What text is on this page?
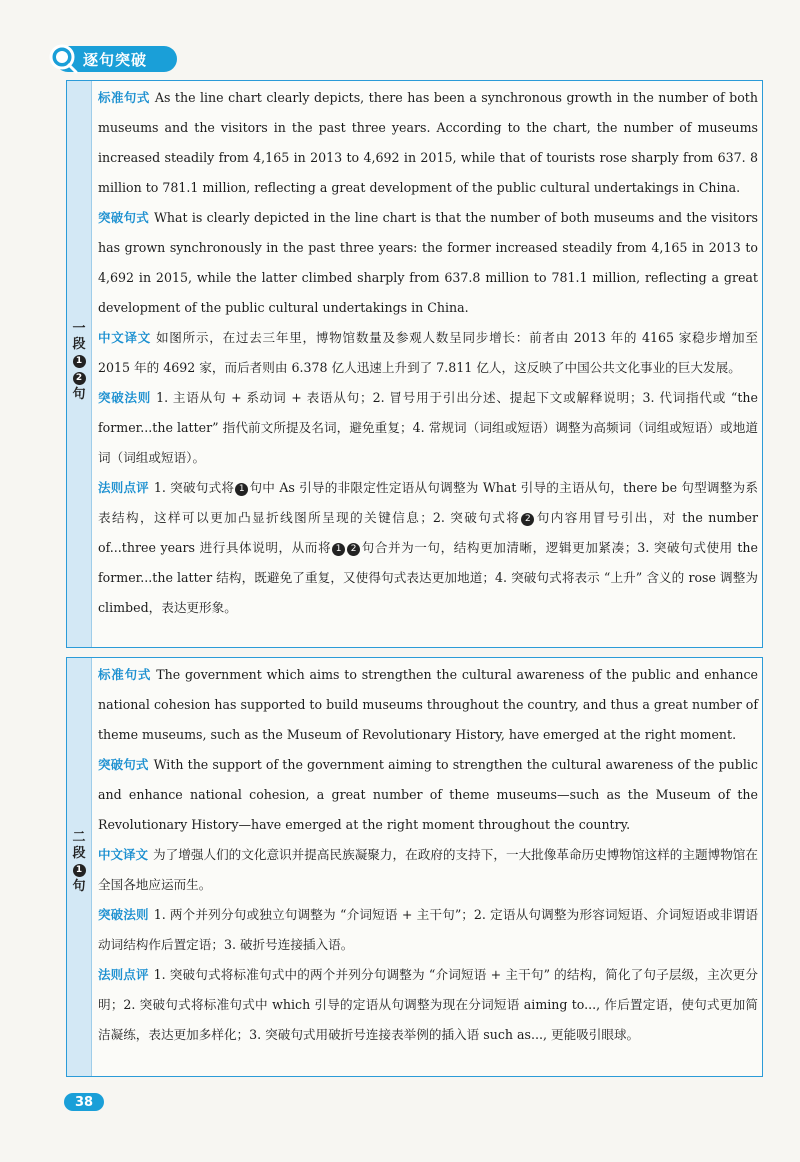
逐句突破
一
段
1
2
句

标准句式 As the line chart clearly depicts, there has been a synchronous growth in the number of both museums and the visitors in the past three years. According to the chart, the number of museums increased steadily from 4,165 in 2013 to 4,692 in 2015, while that of tourists rose sharply from 637. 8 million to 781.1 million, reflecting a great development of the public cultural undertakings in China.

突破句式 What is clearly depicted in the line chart is that the number of both museums and the visitors has grown synchronously in the past three years: the former increased steadily from 4,165 in 2013 to 4,692 in 2015, while the latter climbed sharply from 637.8 million to 781.1 million, reflecting a great development of the public cultural undertakings in China.

中文译文 如图所示，在过去三年里，博物馆数量及参观人数呈同步增长：前者由 2013 年的 4165 家稳步增加至 2015 年的 4692 家，而后者则由 6.378 亿人迅速上升到了 7.811 亿人，这反映了中国公共文化事业的巨大发展。

突破法则 1. 主语从句 + 系动词 + 表语从句；2. 冒号用于引出分述、提起下文或解释说明；3. 代词指代或 “the former...the latter” 指代前文所提及名词，避免重复；4. 常规词（词组或短语）调整为高频词（词组或短语）或地道词（词组或短语）。

法则点评 1. 突破句式将 1 句中 As 引导的非限定性定语从句调整为 What 引导的主语从句，there be 句型调整为系表结构，这样可以更加凸显折线图所呈现的关键信息；2. 突破句式将 2 句内容用冒号引出，对 the number of...three years 进行具体说明，从而将 1 2 句合并为一句，结构更加清晰，逻辑更加紧凑；3. 突破句式使用 the former...the latter 结构，既避免了重复，又使得句式表达更加地道；4. 突破句式将表示 “上升” 含义的 rose 调整为 climbed，表达更形象。

二
段
1
句

标准句式 The government which aims to strengthen the cultural awareness of the public and enhance national cohesion has supported to build museums throughout the country, and thus a great number of theme museums, such as the Museum of Revolutionary History, have emerged at the right moment.

突破句式 With the support of the government aiming to strengthen the cultural awareness of the public and enhance national cohesion, a great number of theme museums—such as the Museum of the Revolutionary History—have emerged at the right moment throughout the country.

中文译文 为了增强人们的文化意识并提高民族凝聚力，在政府的支持下，一大批像革命历史博物馆这样的主题博物馆在全国各地应运而生。

突破法则 1. 两个并列分句或独立句调整为 “介词短语 + 主干句”；2. 定语从句调整为形容词短语、介词短语或非谓语动词结构作后置定语；3. 破折号连接插入语。

法则点评 1. 突破句式将标准句式中的两个并列分句调整为 “介词短语 + 主干句” 的结构，简化了句子层级，主次更分明；2. 突破句式将标准句式中 which 引导的定语从句调整为现在分词短语 aiming to..., 作后置定语，使句式更加简洁凝练，表达更加多样化；3. 突破句式用破折号连接表举例的插入语 such as..., 更能吸引眼球。

38
